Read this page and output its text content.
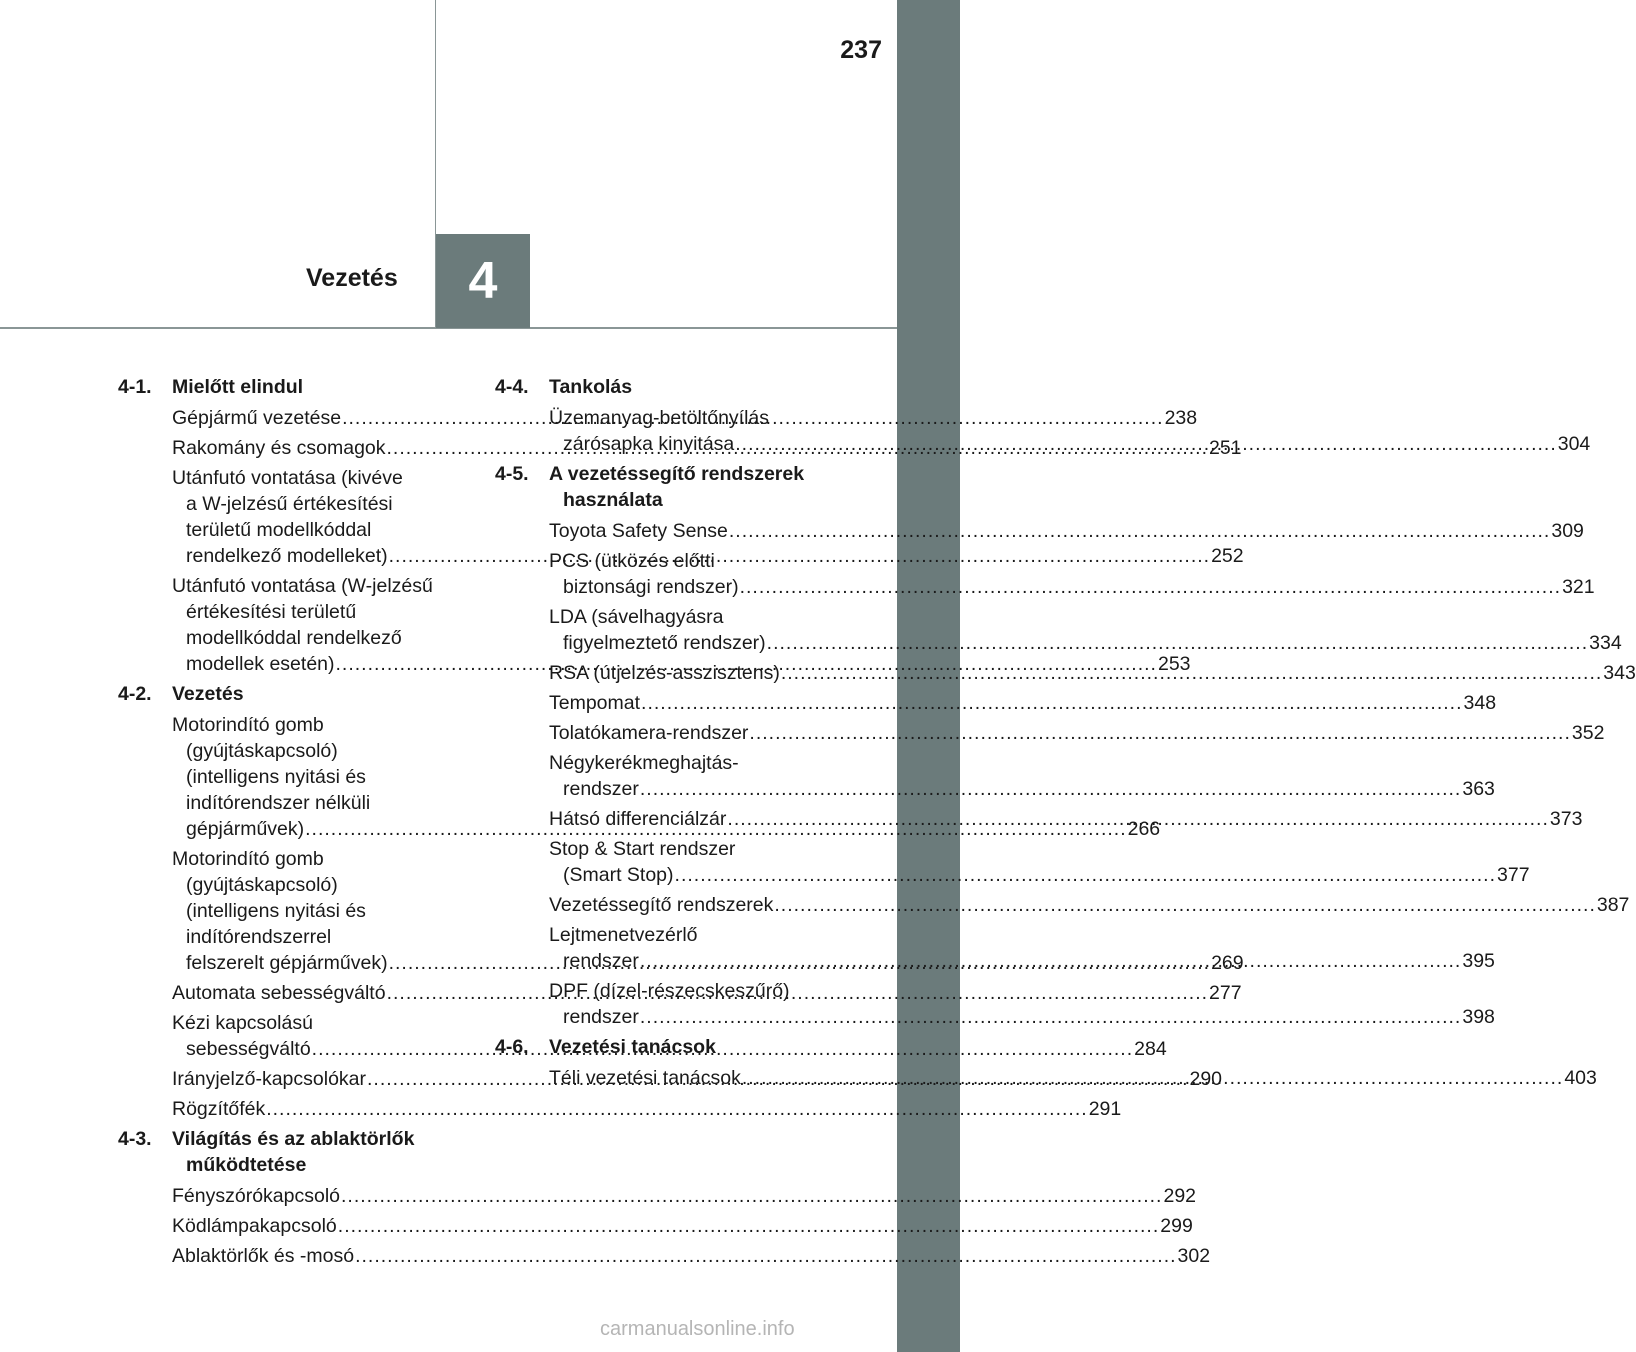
237
Vezetés	4
4-1.	Mielőtt elindul
Gépjármű vezetése .....	238
Rakomány és csomagok .....	251
Utánfutó vontatása (kivéve
a W-jelzésű értékesítési
területű modellkóddal
rendelkező modelleket) .....	252
Utánfutó vontatása (W-jelzésű
értékesítési területű
modellkóddal rendelkező
modellek esetén) .....	253
4-2.	Vezetés
Motorindító gomb
(gyújtáskapcsoló)
(intelligens nyitási és
indítórendszer nélküli
gépjárművek) .....	266
Motorindító gomb
(gyújtáskapcsoló)
(intelligens nyitási és
indítórendszerrel
felszerelt gépjárművek) .....	269
Automata sebességváltó .....	277
Kézi kapcsolású
sebességváltó .....	284
Irányjelző-kapcsolókar .....	290
Rögzítőfék .....	291
4-3.	Világítás és az ablaktörlők
működtetése
Fényszórókapcsoló .....	292
Ködlámpakapcsoló .....	299
Ablaktörlők és -mosó .....	302
4-4.	Tankolás
Üzemanyag-betöltőnyílás
zárósapka kinyitása .....	304
4-5.	A vezetéssegítő rendszerek
használata
Toyota Safety Sense .....	309
PCS (ütközés előtti
biztonsági rendszer) .....	321
LDA (sávelhagyásra
figyelmeztető rendszer) .....	334
RSA (útjelzés-asszisztens) .....	343
Tempomat .....	348
Tolatókamera-rendszer .....	352
Négykerékmeghajtás-
rendszer .....	363
Hátsó differenciálzár .....	373
Stop & Start rendszer
(Smart Stop) .....	377
Vezetéssegítő rendszerek .....	387
Lejtmenetvezérlő
rendszer .....	395
DPF (dízel-részecskeszűrő)
rendszer .....	398
4-6.	Vezetési tanácsok
Téli vezetési tanácsok .....	403
carmanualsonline.info
